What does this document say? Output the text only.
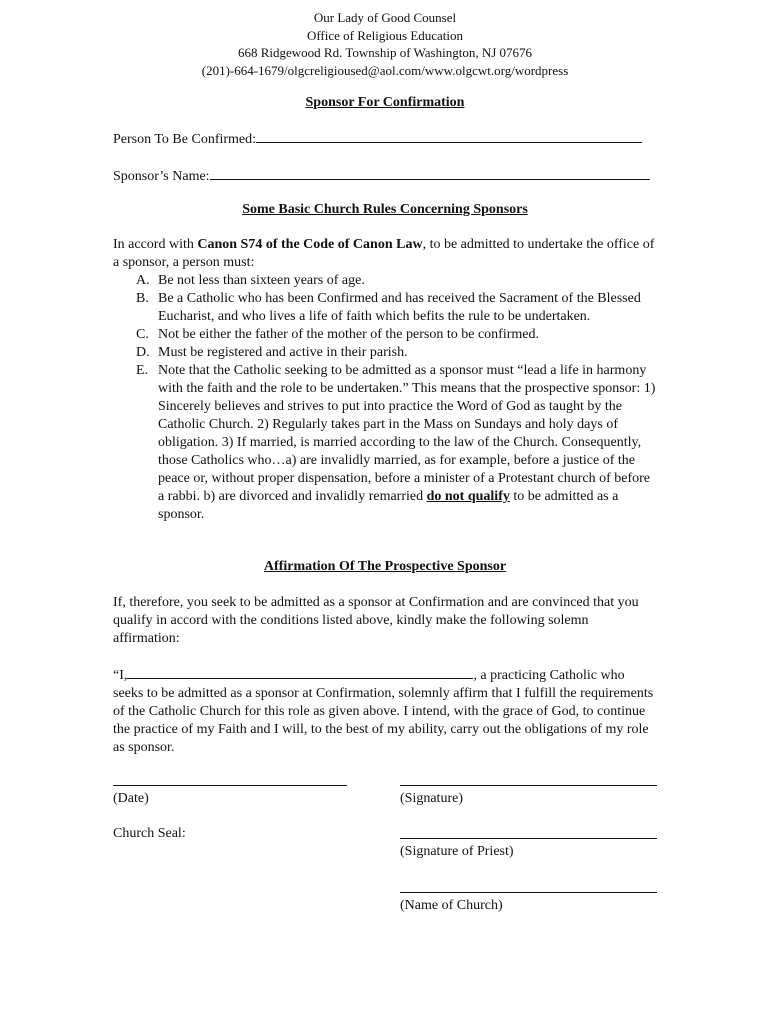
Our Lady of Good Counsel
Office of Religious Education
668 Ridgewood Rd. Township of Washington, NJ 07676
(201)-664-1679/olgcreligioused@aol.com/www.olgcwt.org/wordpress
Sponsor For Confirmation
Person To Be Confirmed:
Sponsor’s Name:
Some Basic Church Rules Concerning Sponsors

In accord with Canon S74 of the Code of Canon Law, to be admitted to undertake the office of a sponsor, a person must:

A. Be not less than sixteen years of age.
B. Be a Catholic who has been Confirmed and has received the Sacrament of the Blessed Eucharist, and who lives a life of faith which befits the rule to be undertaken.
C. Not be either the father of the mother of the person to be confirmed.
D. Must be registered and active in their parish.
E. Note that the Catholic seeking to be admitted as a sponsor must “lead a life in harmony with the faith and the role to be undertaken.” This means that the prospective sponsor: 1) Sincerely believes and strives to put into practice the Word of God as taught by the Catholic Church. 2) Regularly takes part in the Mass on Sundays and holy days of obligation. 3) If married, is married according to the law of the Church. Consequently, those Catholics who…a) are invalidly married, as for example, before a justice of the peace or, without proper dispensation, before a minister of a Protestant church of before a rabbi. b) are divorced and invalidly remarried do not qualify to be admitted as a sponsor.
Affirmation Of The Prospective Sponsor

If, therefore, you seek to be admitted as a sponsor at Confirmation and are convinced that you qualify in accord with the conditions listed above, kindly make the following solemn affirmation:

“I,	, a practicing Catholic who seeks to be admitted as a sponsor at Confirmation, solemnly affirm that I fulfill the requirements of the Catholic Church for this role as given above. I intend, with the grace of God, to continue the practice of my Faith and I will, to the best of my ability, carry out the obligations of my role as sponsor.

(Date)	(Signature)
Church Seal:
(Signature of Priest)
(Name of Church)
